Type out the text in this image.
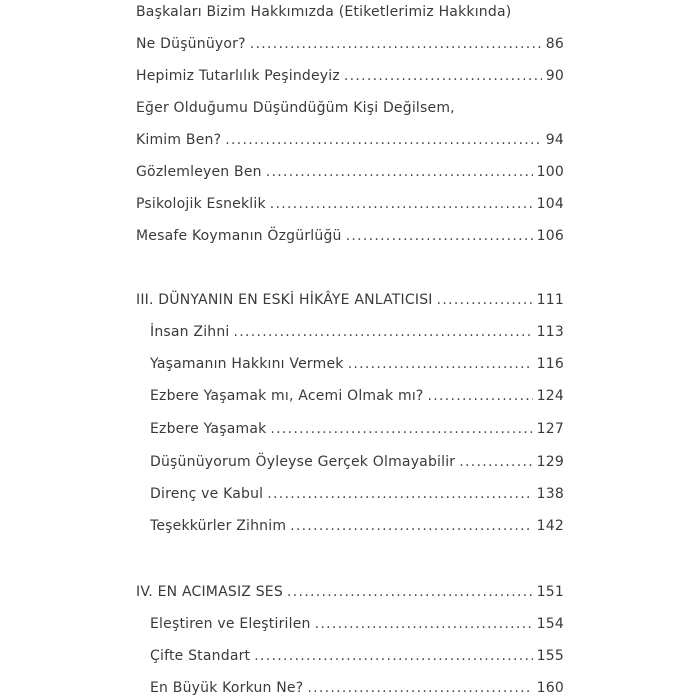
Başkaları Bizim Hakkımızda (Etiketlerimiz Hakkında)
Ne Düşünüyor? .....	86
Hepimiz Tutarlılık Peşindeyiz .....	90
Eğer Olduğumu Düşündüğüm Kişi Değilsem,
Kimim Ben? .....	94
Gözlemleyen Ben .....	100
Psikolojik Esneklik .....	104
Mesafe Koymanın Özgürlüğü .....	106
III. DÜNYANIN EN ESKİ HİKÂYE ANLATICISI .....	111
İnsan Zihni .....	113
Yaşamanın Hakkını Vermek .....	116
Ezbere Yaşamak mı, Acemi Olmak mı? .....	124
Ezbere Yaşamak .....	127
Düşünüyorum Öyleyse Gerçek Olmayabilir .....	129
Direnç ve Kabul .....	138
Teşekkürler Zihnim .....	142
IV. EN ACIMASIZ SES .....	151
Eleştiren ve Eleştirilen .....	154
Çifte Standart .....	155
En Büyük Korkun Ne? .....	160
